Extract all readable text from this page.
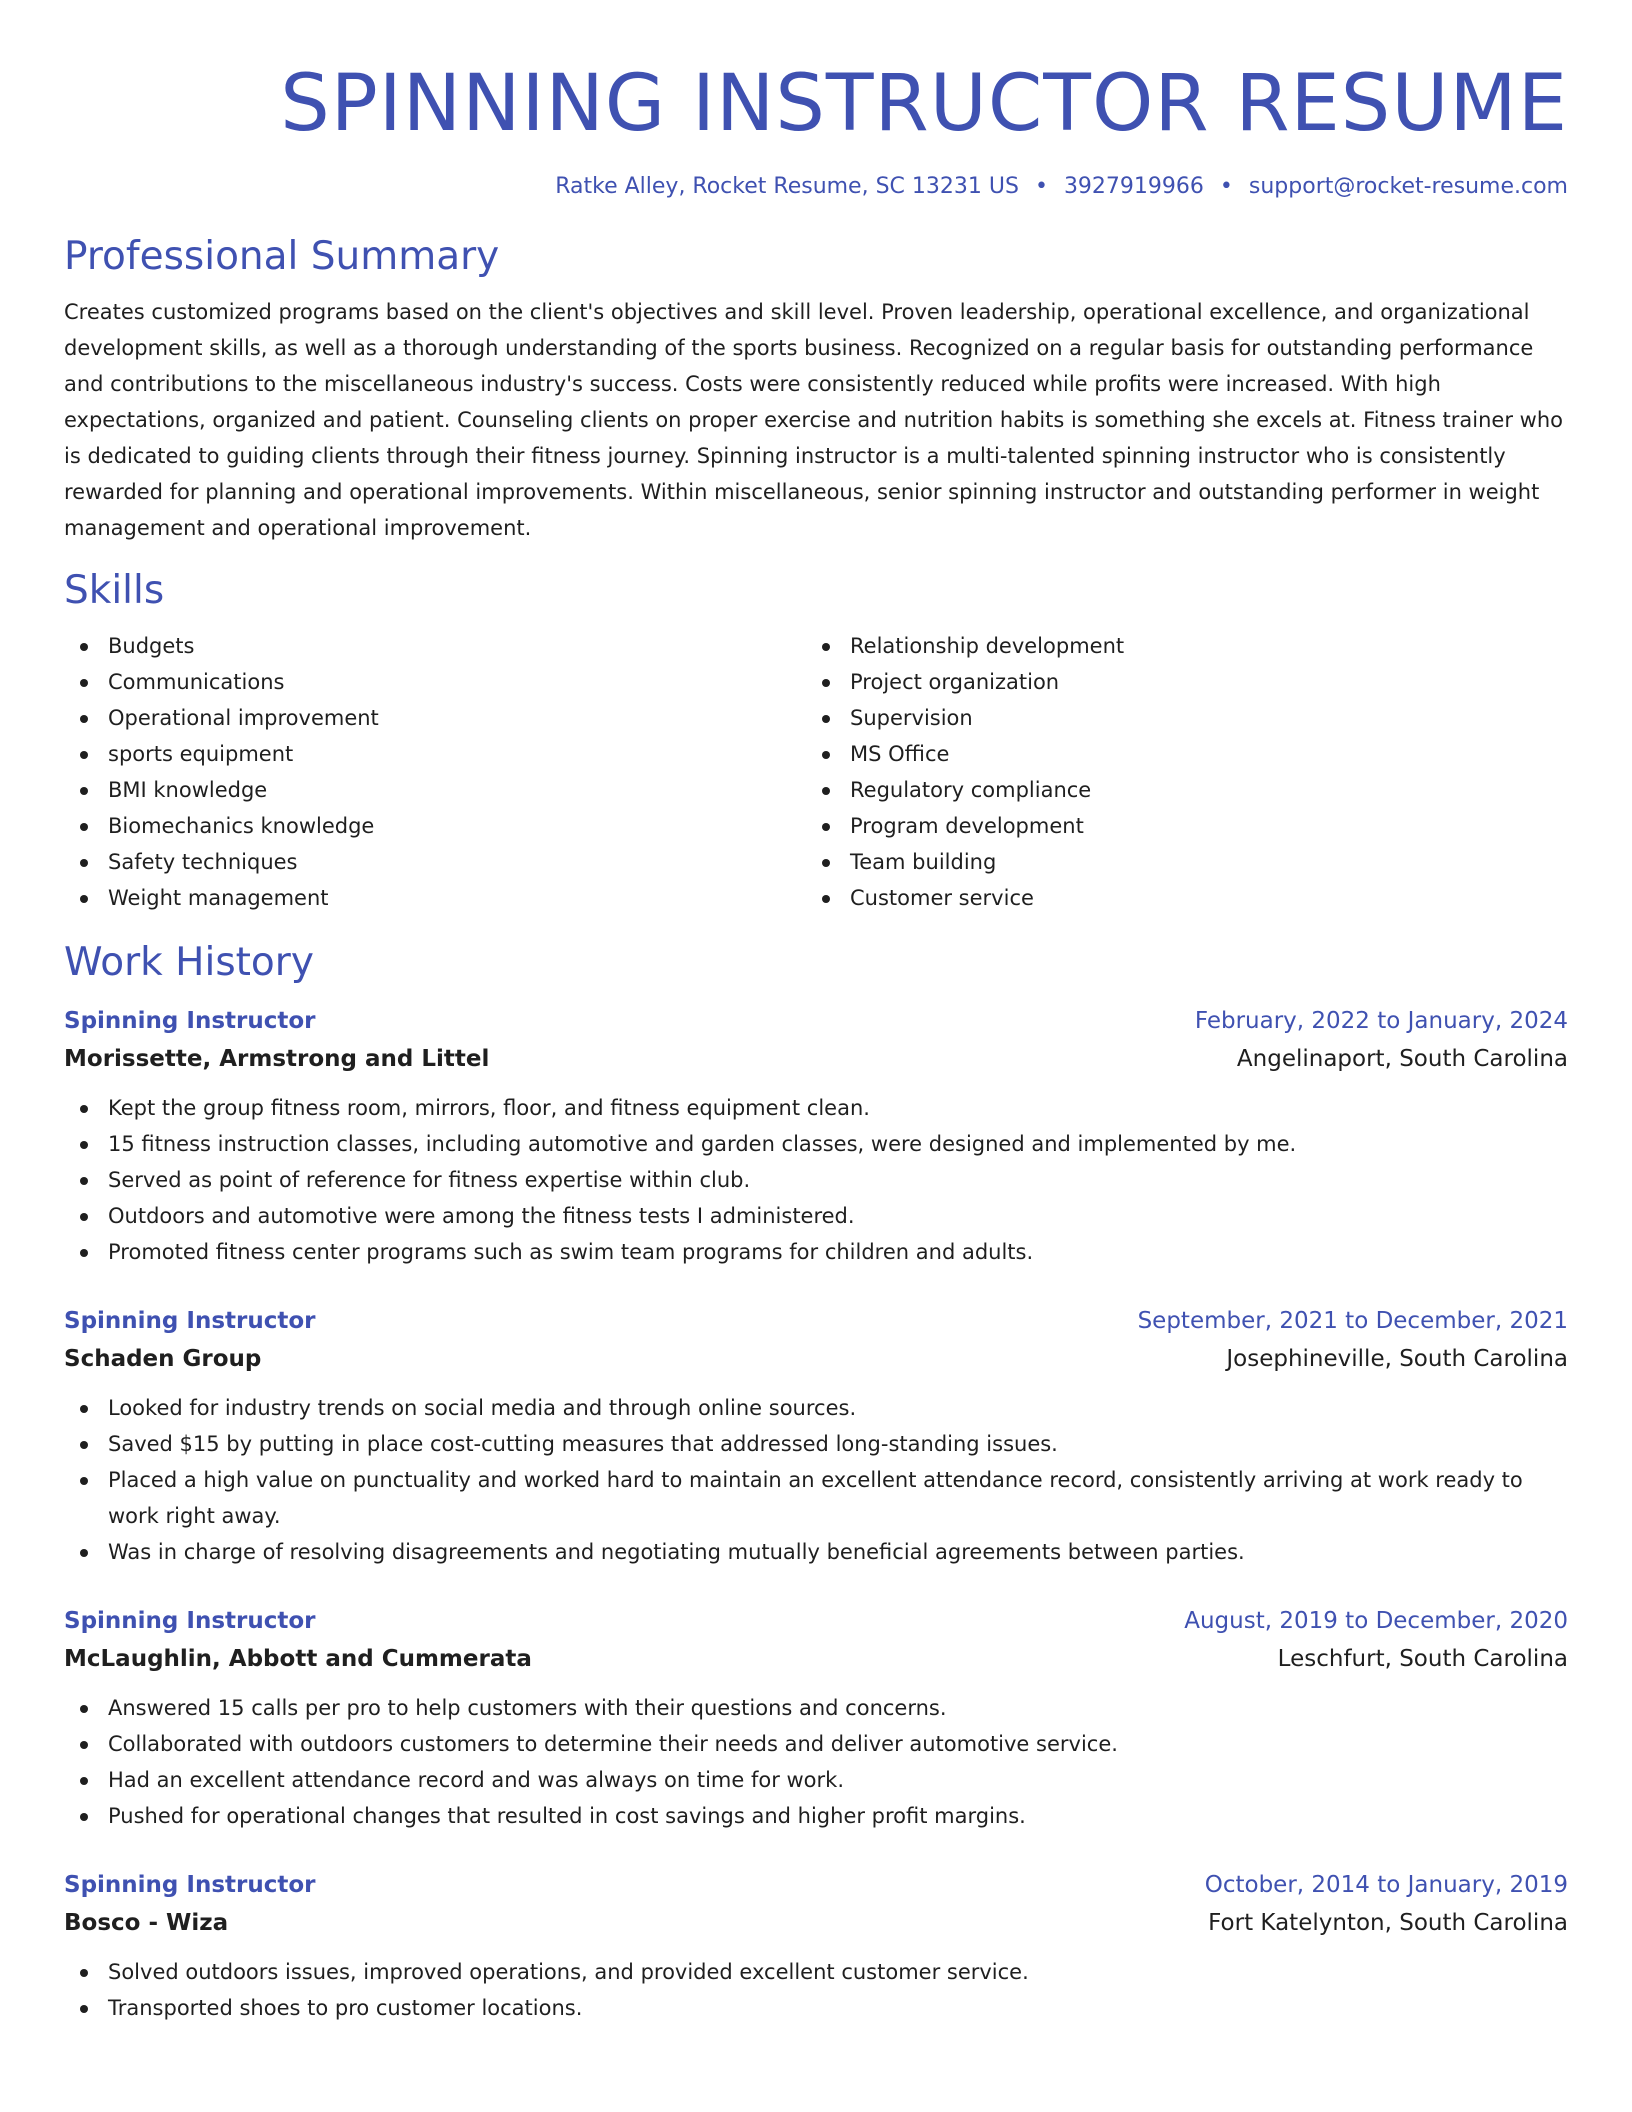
SPINNING INSTRUCTOR RESUME
Ratke Alley, Rocket Resume, SC 13231 US • 3927919966 • support@rocket-resume.com
Professional Summary

Creates customized programs based on the client's objectives and skill level. Proven leadership, operational excellence, and organizational development skills, as well as a thorough understanding of the sports business. Recognized on a regular basis for outstanding performance and contributions to the miscellaneous industry's success. Costs were consistently reduced while profits were increased. With high expectations, organized and patient. Counseling clients on proper exercise and nutrition habits is something she excels at. Fitness trainer who is dedicated to guiding clients through their fitness journey. Spinning instructor is a multi-talented spinning instructor who is consistently rewarded for planning and operational improvements. Within miscellaneous, senior spinning instructor and outstanding performer in weight management and operational improvement.

Skills
Budgets
Communications
Operational improvement
sports equipment
BMI knowledge
Biomechanics knowledge
Safety techniques
Weight management
Relationship development
Project organization
Supervision
MS Office
Regulatory compliance
Program development
Team building
Customer service
Work History
Spinning Instructor	February, 2022 to January, 2024
Morissette, Armstrong and Littel	Angelinaport, South Carolina
Kept the group fitness room, mirrors, floor, and fitness equipment clean.
15 fitness instruction classes, including automotive and garden classes, were designed and implemented by me.
Served as point of reference for fitness expertise within club.
Outdoors and automotive were among the fitness tests I administered.
Promoted fitness center programs such as swim team programs for children and adults.
Spinning Instructor	September, 2021 to December, 2021
Schaden Group	Josephineville, South Carolina
Looked for industry trends on social media and through online sources.
Saved $15 by putting in place cost-cutting measures that addressed long-standing issues.
Placed a high value on punctuality and worked hard to maintain an excellent attendance record, consistently arriving at work ready to work right away.
Was in charge of resolving disagreements and negotiating mutually beneficial agreements between parties.
Spinning Instructor	August, 2019 to December, 2020
McLaughlin, Abbott and Cummerata	Leschfurt, South Carolina
Answered 15 calls per pro to help customers with their questions and concerns.
Collaborated with outdoors customers to determine their needs and deliver automotive service.
Had an excellent attendance record and was always on time for work.
Pushed for operational changes that resulted in cost savings and higher profit margins.
Spinning Instructor	October, 2014 to January, 2019
Bosco - Wiza	Fort Katelynton, South Carolina
Solved outdoors issues, improved operations, and provided excellent customer service.
Transported shoes to pro customer locations.
